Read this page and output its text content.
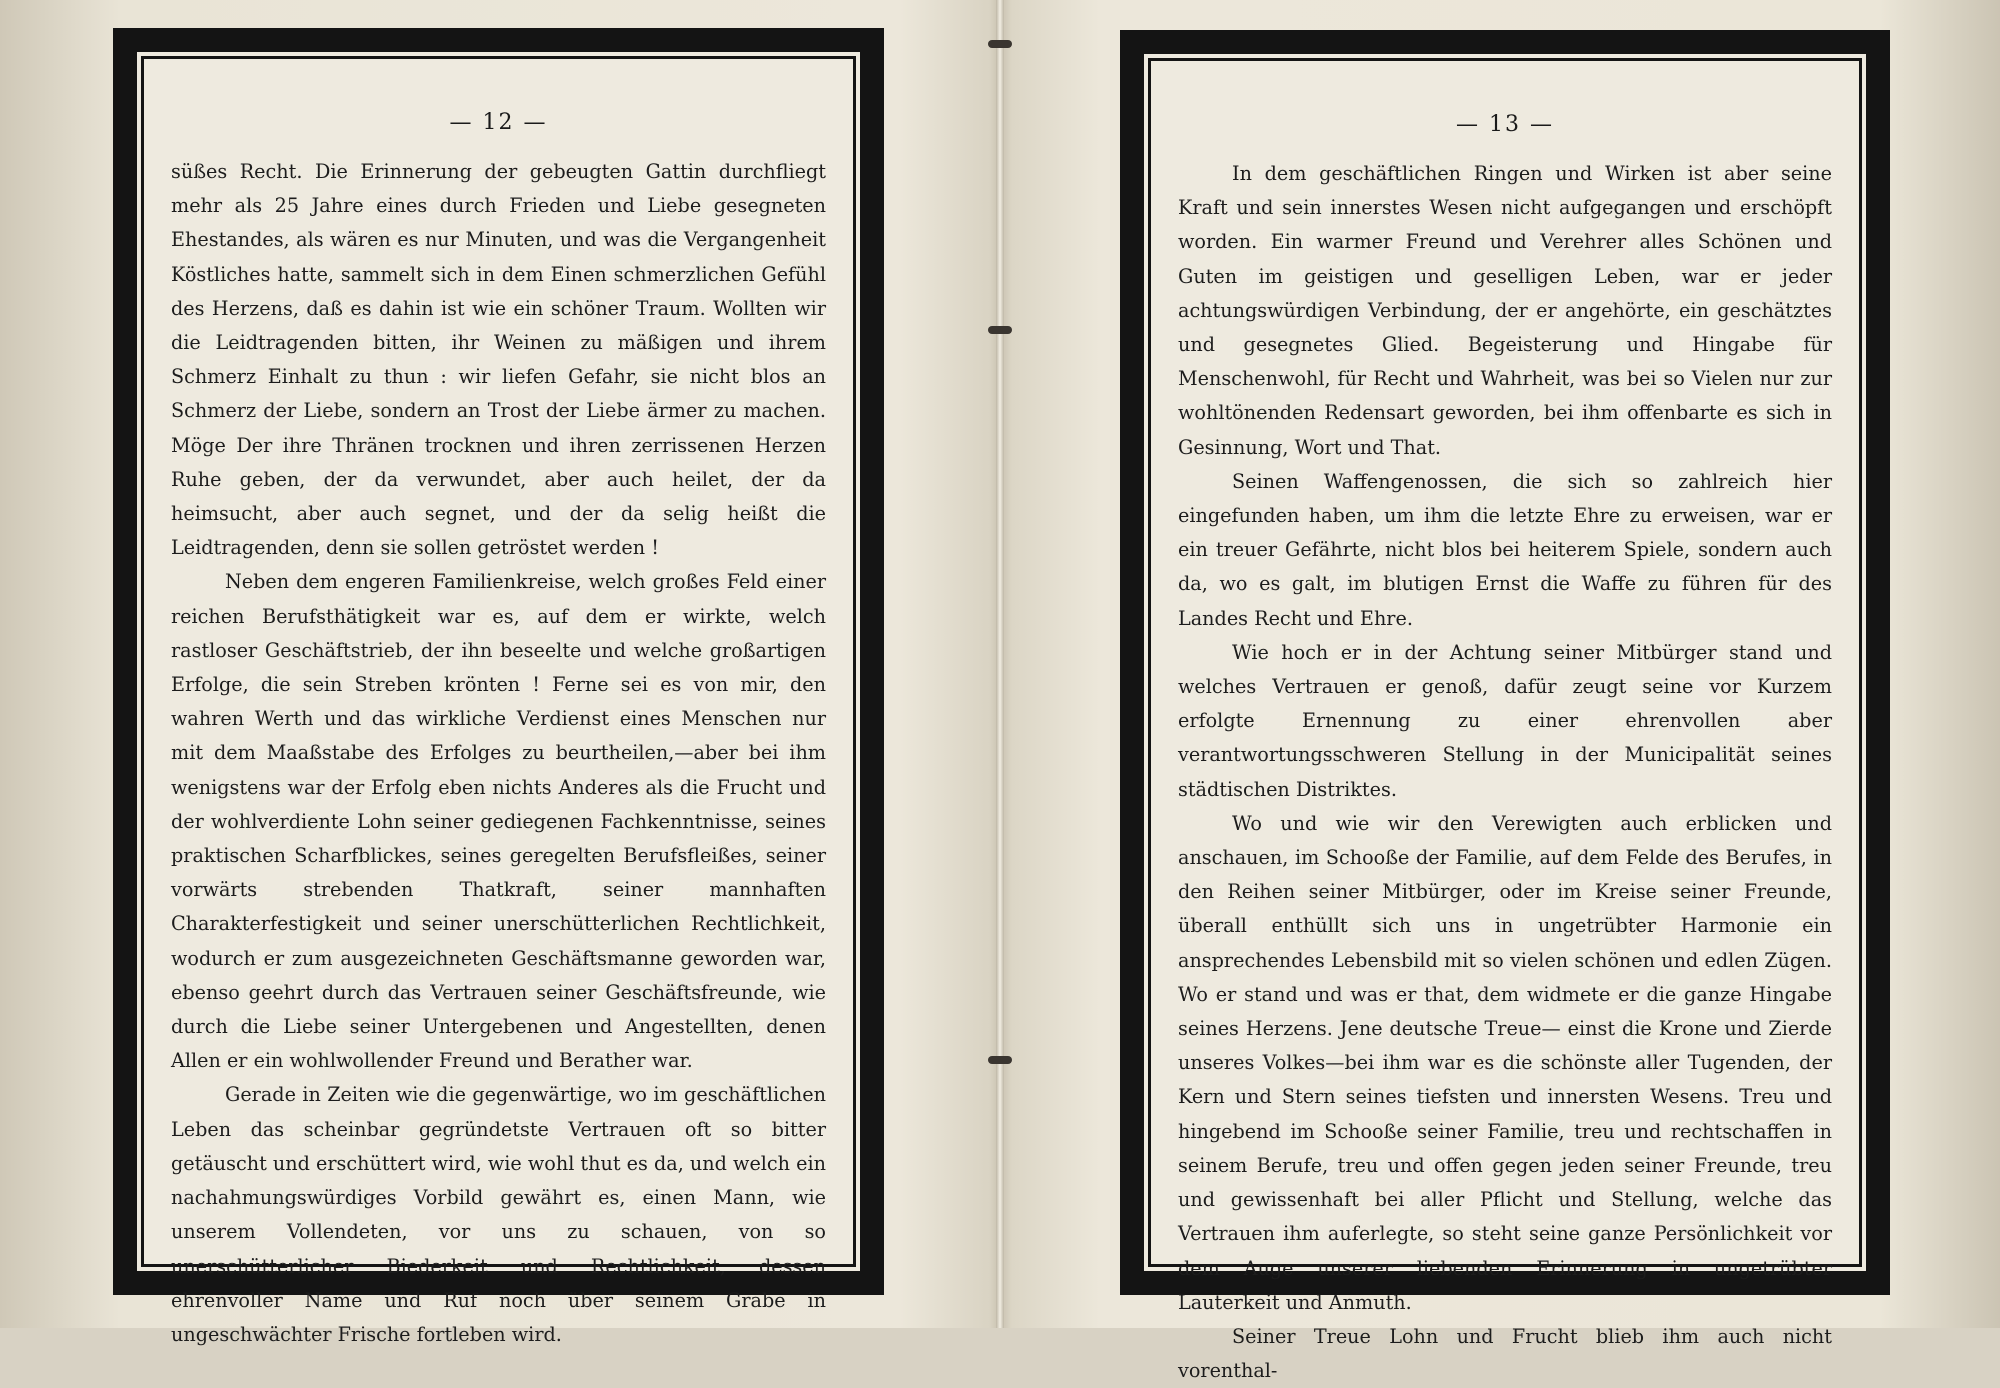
— 12 —

süßes Recht. Die Erinnerung der gebeugten Gattin durchfliegt mehr als 25 Jahre eines durch Frieden und Liebe gesegneten Ehestandes, als wären es nur Minuten, und was die Vergangenheit Köstliches hatte, sammelt sich in dem Einen schmerzlichen Gefühl des Herzens, daß es dahin ist wie ein schöner Traum. Wollten wir die Leidtragenden bitten, ihr Weinen zu mäßigen und ihrem Schmerz Einhalt zu thun : wir liefen Gefahr, sie nicht blos an Schmerz der Liebe, sondern an Trost der Liebe ärmer zu machen. Möge Der ihre Thränen trocknen und ihren zerrissenen Herzen Ruhe geben, der da verwundet, aber auch heilet, der da heimsucht, aber auch segnet, und der da selig heißt die Leidtragenden, denn sie sollen getröstet werden !

Neben dem engeren Familienkreise, welch großes Feld einer reichen Berufsthätigkeit war es, auf dem er wirkte, welch rastloser Geschäftstrieb, der ihn beseelte und welche großartigen Erfolge, die sein Streben krönten ! Ferne sei es von mir, den wahren Werth und das wirkliche Verdienst eines Menschen nur mit dem Maaßstabe des Erfolges zu beurtheilen,—aber bei ihm wenigstens war der Erfolg eben nichts Anderes als die Frucht und der wohlverdiente Lohn seiner gediegenen Fachkenntnisse, seines praktischen Scharfblickes, seines geregelten Berufsfleißes, seiner vorwärts strebenden Thatkraft, seiner mannhaften Charakterfestigkeit und seiner unerschütterlichen Rechtlichkeit, wodurch er zum ausgezeichneten Geschäftsmanne geworden war, ebenso geehrt durch das Vertrauen seiner Geschäftsfreunde, wie durch die Liebe seiner Untergebenen und Angestellten, denen Allen er ein wohlwollender Freund und Berather war.

Gerade in Zeiten wie die gegenwärtige, wo im geschäftlichen Leben das scheinbar gegründetste Vertrauen oft so bitter getäuscht und erschüttert wird, wie wohl thut es da, und welch ein nachahmungswürdiges Vorbild gewährt es, einen Mann, wie unserem Vollendeten, vor uns zu schauen, von so unerschütterlicher Biederkeit und Rechtlichkeit, dessen ehrenvoller Name und Ruf noch über seinem Grabe in ungeschwächter Frische fortleben wird.

— 13 —

In dem geschäftlichen Ringen und Wirken ist aber seine Kraft und sein innerstes Wesen nicht aufgegangen und erschöpft worden. Ein warmer Freund und Verehrer alles Schönen und Guten im geistigen und geselligen Leben, war er jeder achtungswürdigen Verbindung, der er angehörte, ein geschätztes und gesegnetes Glied. Begeisterung und Hingabe für Menschenwohl, für Recht und Wahrheit, was bei so Vielen nur zur wohltönenden Redensart geworden, bei ihm offenbarte es sich in Gesinnung, Wort und That.

Seinen Waffengenossen, die sich so zahlreich hier eingefunden haben, um ihm die letzte Ehre zu erweisen, war er ein treuer Gefährte, nicht blos bei heiterem Spiele, sondern auch da, wo es galt, im blutigen Ernst die Waffe zu führen für des Landes Recht und Ehre.

Wie hoch er in der Achtung seiner Mitbürger stand und welches Vertrauen er genoß, dafür zeugt seine vor Kurzem erfolgte Ernennung zu einer ehrenvollen aber verantwortungsschweren Stellung in der Municipalität seines städtischen Distriktes.

Wo und wie wir den Verewigten auch erblicken und anschauen, im Schooße der Familie, auf dem Felde des Berufes, in den Reihen seiner Mitbürger, oder im Kreise seiner Freunde, überall enthüllt sich uns in ungetrübter Harmonie ein ansprechendes Lebensbild mit so vielen schönen und edlen Zügen. Wo er stand und was er that, dem widmete er die ganze Hingabe seines Herzens. Jene deutsche Treue— einst die Krone und Zierde unseres Volkes—bei ihm war es die schönste aller Tugenden, der Kern und Stern seines tiefsten und innersten Wesens. Treu und hingebend im Schooße seiner Familie, treu und rechtschaffen in seinem Berufe, treu und offen gegen jeden seiner Freunde, treu und gewissenhaft bei aller Pflicht und Stellung, welche das Vertrauen ihm auferlegte, so steht seine ganze Persönlichkeit vor dem Auge unserer liebenden Erinnerung in ungetrübter Lauterkeit und Anmuth.

Seiner Treue Lohn und Frucht blieb ihm auch nicht vorenthal-
